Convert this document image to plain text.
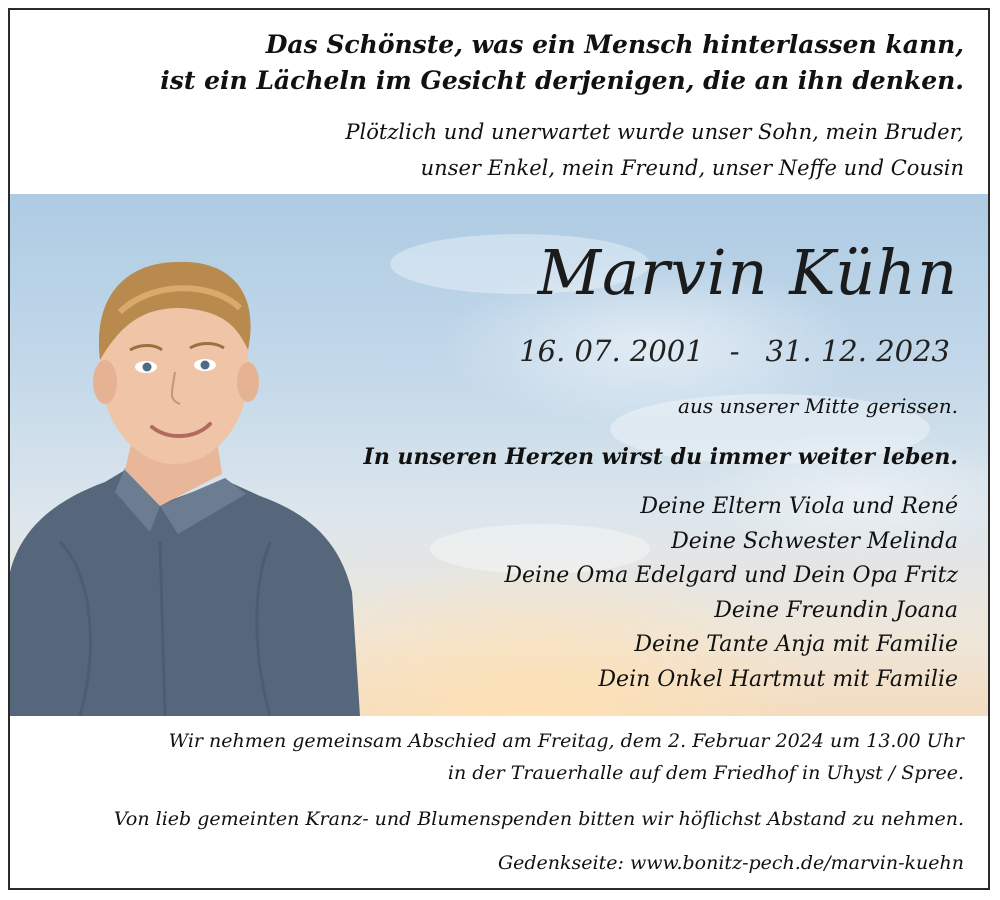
Das Schönste, was ein Mensch hinterlassen kann,
ist ein Lächeln im Gesicht derjenigen, die an ihn denken.
Plötzlich und unerwartet wurde unser Sohn, mein Bruder,
unser Enkel, mein Freund, unser Neffe und Cousin
Marvin Kühn
16. 07. 2001 - 31. 12. 2023
aus unserer Mitte gerissen.
In unseren Herzen wirst du immer weiter leben.
Deine Eltern Viola und René
Deine Schwester Melinda
Deine Oma Edelgard und Dein Opa Fritz
Deine Freundin Joana
Deine Tante Anja mit Familie
Dein Onkel Hartmut mit Familie
Wir nehmen gemeinsam Abschied am Freitag, dem 2. Februar 2024 um 13.00 Uhr
in der Trauerhalle auf dem Friedhof in Uhyst / Spree.
Von lieb gemeinten Kranz- und Blumenspenden bitten wir höflichst Abstand zu nehmen.
Gedenkseite: www.bonitz-pech.de/marvin-kuehn
